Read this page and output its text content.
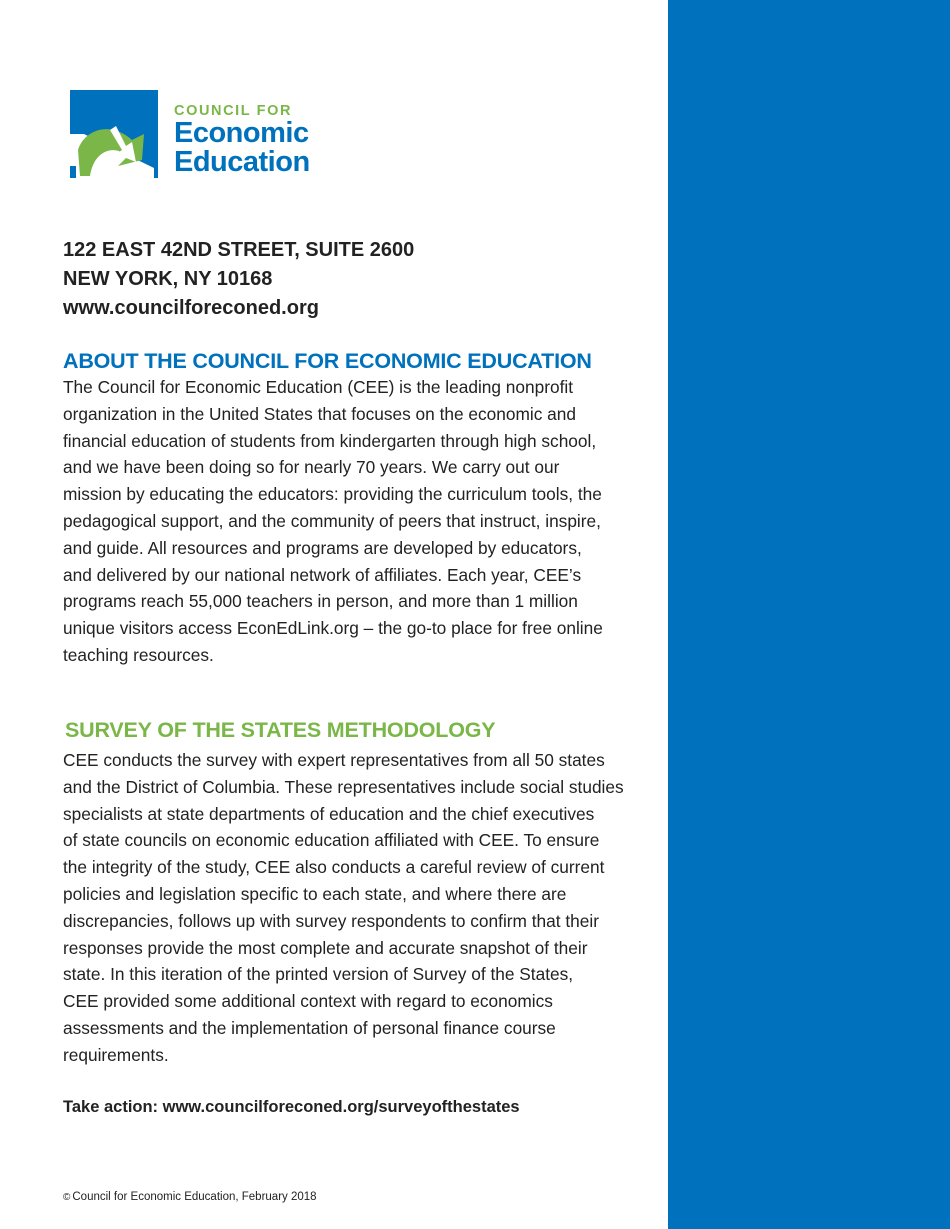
COUNCIL FOR
Economic
Education
122 EAST 42ND STREET, SUITE 2600
NEW YORK, NY 10168
www.councilforeconed.org
ABOUT THE COUNCIL FOR ECONOMIC EDUCATION
The Council for Economic Education (CEE) is the leading nonprofit
organization in the United States that focuses on the economic and
financial education of students from kindergarten through high school,
and we have been doing so for nearly 70 years. We carry out our
mission by educating the educators: providing the curriculum tools, the
pedagogical support, and the community of peers that instruct, inspire,
and guide. All resources and programs are developed by educators,
and delivered by our national network of affiliates. Each year, CEE’s
programs reach 55,000 teachers in person, and more than 1 million
unique visitors access EconEdLink.org – the go-to place for free online
teaching resources.
SURVEY OF THE STATES METHODOLOGY
CEE conducts the survey with expert representatives from all 50 states
and the District of Columbia. These representatives include social studies
specialists at state departments of education and the chief executives
of state councils on economic education affiliated with CEE. To ensure
the integrity of the study, CEE also conducts a careful review of current
policies and legislation specific to each state, and where there are
discrepancies, follows up with survey respondents to confirm that their
responses provide the most complete and accurate snapshot of their
state. In this iteration of the printed version of Survey of the States,
CEE provided some additional context with regard to economics
assessments and the implementation of personal finance course
requirements.
Take action: www.councilforeconed.org/surveyofthestates
© Council for Economic Education, February 2018
